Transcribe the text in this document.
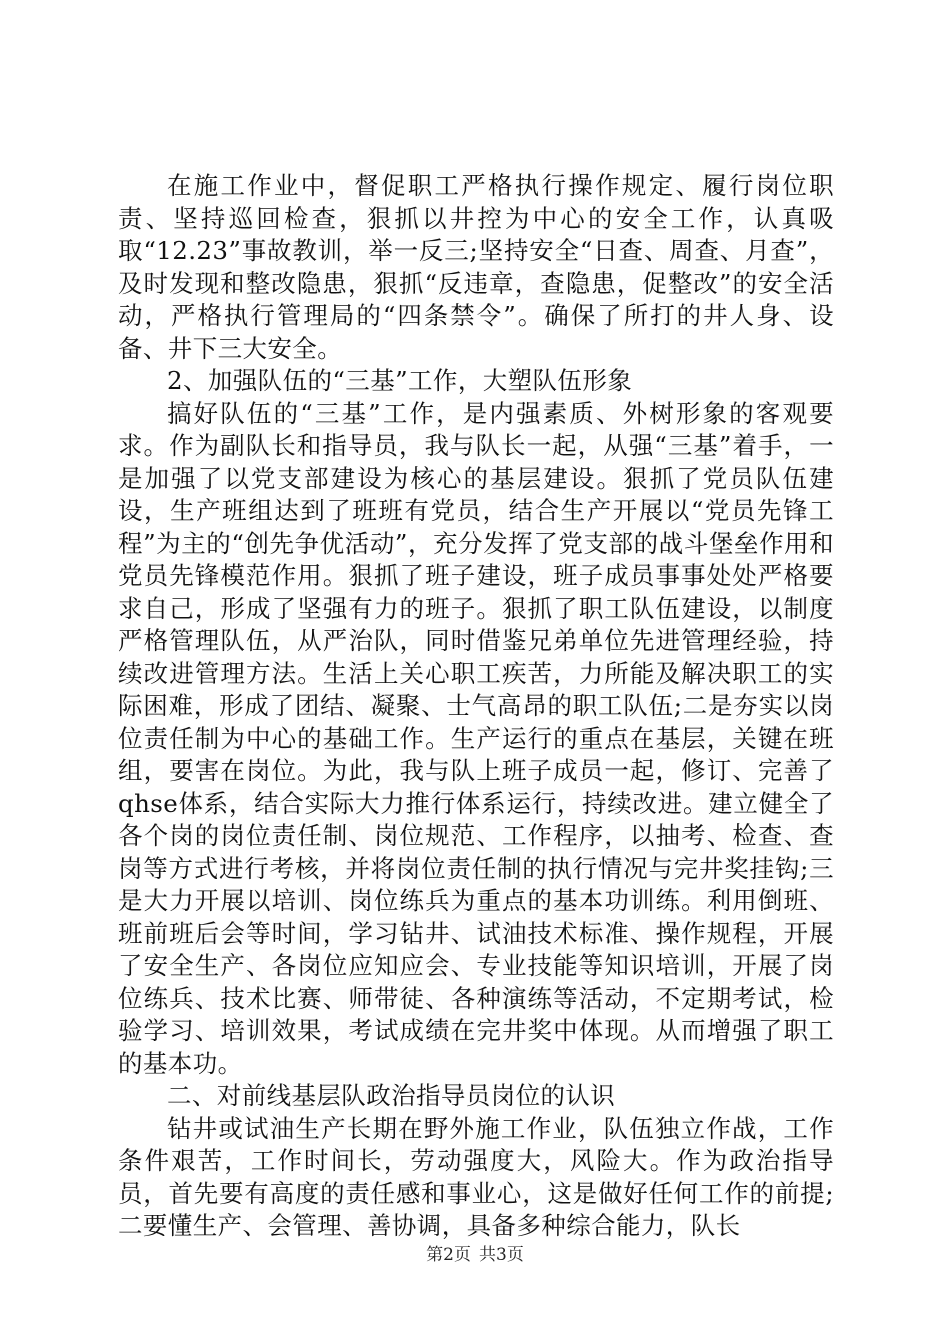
在施工作业中，督促职工严格执行操作规定、履行岗位职责、坚持巡回检查，狠抓以井控为中心的安全工作，认真吸取“12.23”事故教训，举一反三;坚持安全“日查、周查、月查”，及时发现和整改隐患，狠抓“反违章，查隐患，促整改”的安全活动，严格执行管理局的“四条禁令”。确保了所打的井人身、设备、井下三大安全。

2、加强队伍的“三基”工作，大塑队伍形象

搞好队伍的“三基”工作，是内强素质、外树形象的客观要求。作为副队长和指导员，我与队长一起，从强“三基”着手，一是加强了以党支部建设为核心的基层建设。狠抓了党员队伍建设，生产班组达到了班班有党员，结合生产开展以“党员先锋工程”为主的“创先争优活动”，充分发挥了党支部的战斗堡垒作用和党员先锋模范作用。狠抓了班子建设，班子成员事事处处严格要求自己，形成了坚强有力的班子。狠抓了职工队伍建设，以制度严格管理队伍，从严治队，同时借鉴兄弟单位先进管理经验，持续改进管理方法。生活上关心职工疾苦，力所能及解决职工的实际困难，形成了团结、凝聚、士气高昂的职工队伍;二是夯实以岗位责任制为中心的基础工作。生产运行的重点在基层，关键在班组，要害在岗位。为此，我与队上班子成员一起，修订、完善了qhse体系，结合实际大力推行体系运行，持续改进。建立健全了各个岗的岗位责任制、岗位规范、工作程序，以抽考、检查、查岗等方式进行考核，并将岗位责任制的执行情况与完井奖挂钩;三是大力开展以培训、岗位练兵为重点的基本功训练。利用倒班、班前班后会等时间，学习钻井、试油技术标准、操作规程，开展了安全生产、各岗位应知应会、专业技能等知识培训，开展了岗位练兵、技术比赛、师带徒、各种演练等活动，不定期考试，检验学习、培训效果，考试成绩在完井奖中体现。从而增强了职工的基本功。

二、对前线基层队政治指导员岗位的认识

钻井或试油生产长期在野外施工作业，队伍独立作战，工作条件艰苦，工作时间长，劳动强度大，风险大。作为政治指导员，首先要有高度的责任感和事业心，这是做好任何工作的前提;二要懂生产、会管理、善协调，具备多种综合能力，队长

第2页 共3页
